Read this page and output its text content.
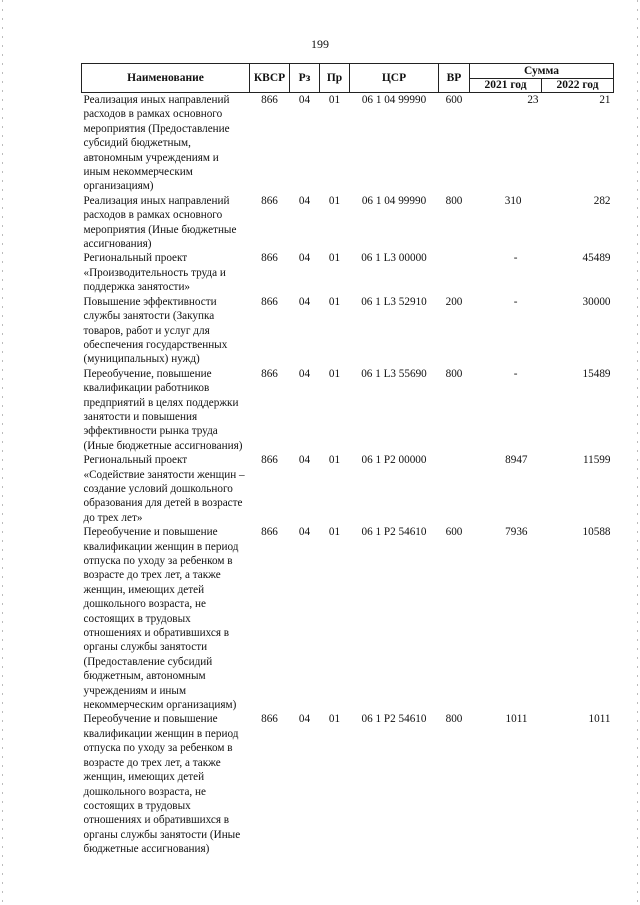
199
Наименование	КВСР	Рз	Пр	ЦСР	ВР	Сумма	
						2021 год	2022 год
Реализация иных направлений расходов в рамках основного мероприятия (Предоставление субсидий бюджетным, автономным учреждениям и иным некоммерческим организациям)	866	04	01	06 1 04 99990	600	23	21
Реализация иных направлений расходов в рамках основного мероприятия (Иные бюджетные ассигнования)	866	04	01	06 1 04 99990	800	310	282
Региональный проект «Производительность труда и поддержка занятости»	866	04	01	06 1 L3 00000		-	45489
Повышение эффективности службы занятости (Закупка товаров, работ и услуг для обеспечения государственных (муниципальных) нужд)	866	04	01	06 1 L3 52910	200	-	30000
Переобучение, повышение квалификации работников предприятий в целях поддержки занятости и повышения эффективности рынка труда (Иные бюджетные ассигнования)	866	04	01	06 1 L3 55690	800	-	15489
Региональный проект «Содействие занятости женщин – создание условий дошкольного образования для детей в возрасте до трех лет»	866	04	01	06 1 P2 00000		8947	11599
Переобучение и повышение квалификации женщин в период отпуска по уходу за ребенком в возрасте до трех лет, а также женщин, имеющих детей дошкольного возраста, не состоящих в трудовых отношениях и обратившихся в органы службы занятости (Предоставление субсидий бюджетным, автономным учреждениям и иным некоммерческим организациям)	866	04	01	06 1 P2 54610	600	7936	10588
Переобучение и повышение квалификации женщин в период отпуска по уходу за ребенком в возрасте до трех лет, а также женщин, имеющих детей дошкольного возраста, не состоящих в трудовых отношениях и обратившихся в органы службы занятости (Иные бюджетные ассигнования)	866	04	01	06 1 P2 54610	800	1011	1011
